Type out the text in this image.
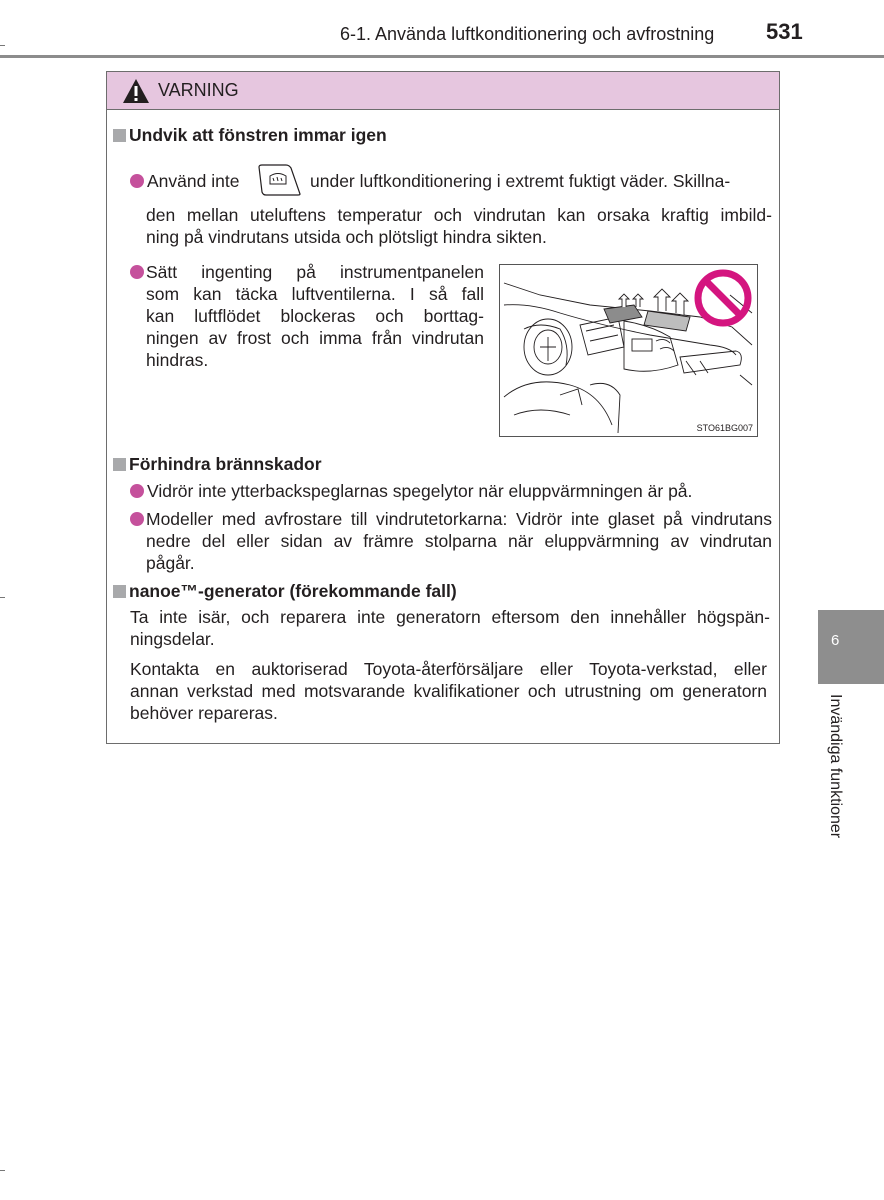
6-1. Använda luftkonditionering och avfrostning 531
VARNING
Undvik att fönstren immar igen
Använd inte	under luftkonditionering i extremt fuktigt väder. Skillna-
den mellan uteluftens temperatur och vindrutan kan orsaka kraftig imbild-
ning på vindrutans utsida och plötsligt hindra sikten.
Sätt ingenting på instrumentpanelen
som kan täcka luftventilerna. I så fall
kan luftflödet blockeras och borttag-
ningen av frost och imma från vindrutan
hindras.
STO61BG007
Förhindra brännskador
Vidrör inte ytterbackspeglarnas spegelytor när eluppvärmningen är på.
Modeller med avfrostare till vindrutetorkarna: Vidrör inte glaset på vindrutans
nedre del eller sidan av främre stolparna när eluppvärmning av vindrutan
pågår.
nanoe™-generator (förekommande fall)
Ta inte isär, och reparera inte generatorn eftersom den innehåller högspän-
ningsdelar.
Kontakta en auktoriserad Toyota-återförsäljare eller Toyota-verkstad, eller
annan verkstad med motsvarande kvalifikationer och utrustning om generatorn
behöver repareras.
6
Invändiga funktioner
